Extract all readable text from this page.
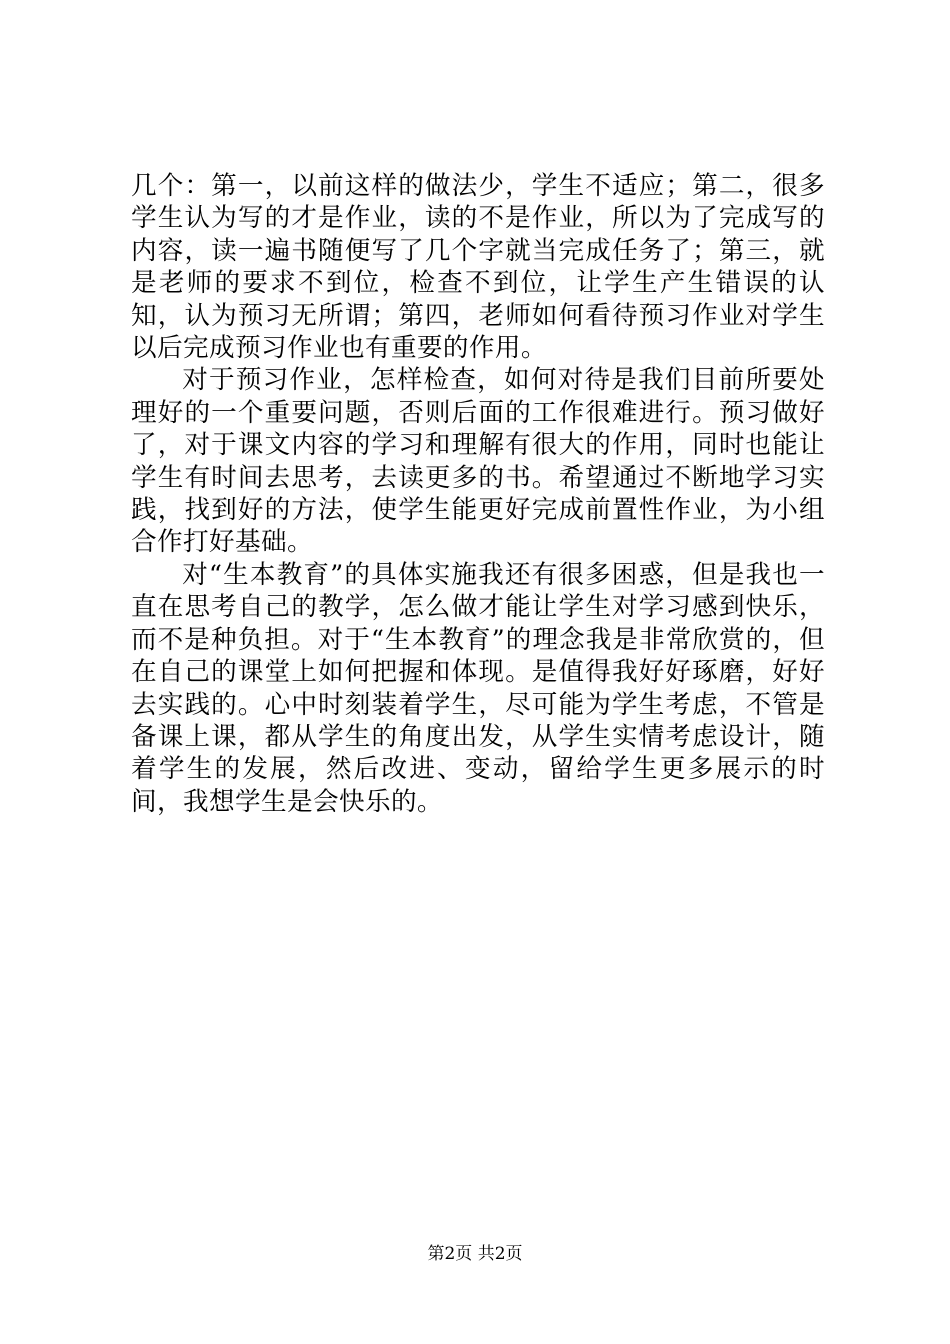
几个：第一，以前这样的做法少，学生不适应；第二，很多学生认为写的才是作业，读的不是作业，所以为了完成写的内容，读一遍书随便写了几个字就当完成任务了；第三，就是老师的要求不到位，检查不到位，让学生产生错误的认知，认为预习无所谓；第四，老师如何看待预习作业对学生以后完成预习作业也有重要的作用。

对于预习作业，怎样检查，如何对待是我们目前所要处理好的一个重要问题，否则后面的工作很难进行。预习做好了，对于课文内容的学习和理解有很大的作用，同时也能让学生有时间去思考，去读更多的书。希望通过不断地学习实践，找到好的方法，使学生能更好完成前置性作业，为小组合作打好基础。

对“生本教育”的具体实施我还有很多困惑，但是我也一直在思考自己的教学，怎么做才能让学生对学习感到快乐，而不是种负担。对于“生本教育”的理念我是非常欣赏的，但在自己的课堂上如何把握和体现。是值得我好好琢磨，好好去实践的。心中时刻装着学生，尽可能为学生考虑，不管是备课上课，都从学生的角度出发，从学生实情考虑设计，随着学生的发展，然后改进、变动，留给学生更多展示的时间，我想学生是会快乐的。

第2页 共2页
